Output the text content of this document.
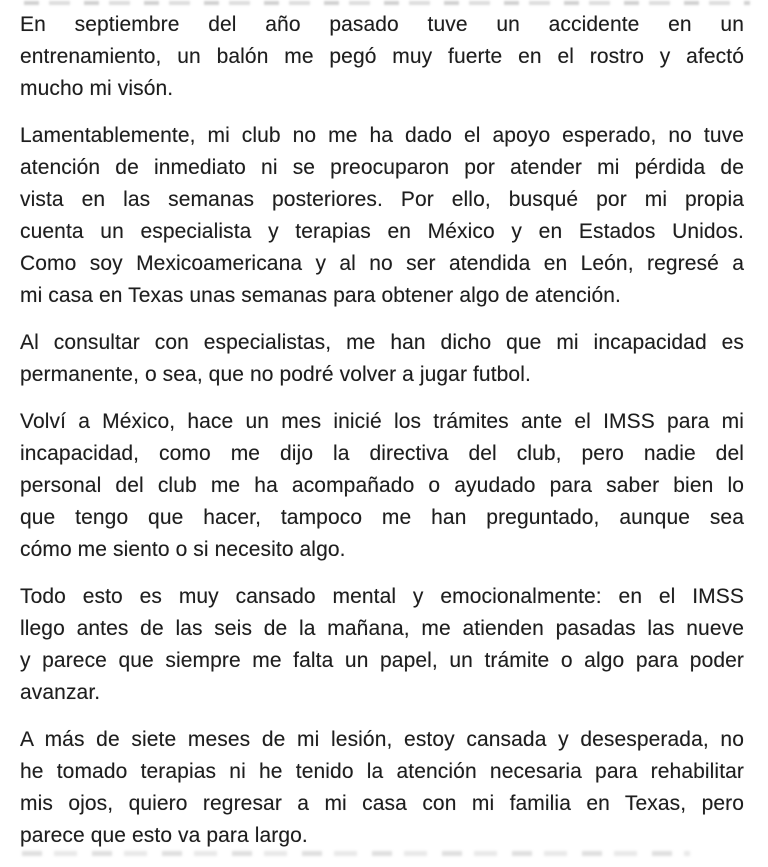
En septiembre del año pasado tuve un accidente en un
entrenamiento, un balón me pegó muy fuerte en el rostro y afectó
mucho mi visón.
Lamentablemente, mi club no me ha dado el apoyo esperado, no tuve
atención de inmediato ni se preocuparon por atender mi pérdida de
vista en las semanas posteriores. Por ello, busqué por mi propia
cuenta un especialista y terapias en México y en Estados Unidos.
Como soy Mexicoamericana y al no ser atendida en León, regresé a
mi casa en Texas unas semanas para obtener algo de atención.
Al consultar con especialistas, me han dicho que mi incapacidad es
permanente, o sea, que no podré volver a jugar futbol.
Volví a México, hace un mes inicié los trámites ante el IMSS para mi
incapacidad, como me dijo la directiva del club, pero nadie del
personal del club me ha acompañado o ayudado para saber bien lo
que tengo que hacer, tampoco me han preguntado, aunque sea
cómo me siento o si necesito algo.
Todo esto es muy cansado mental y emocionalmente: en el IMSS
llego antes de las seis de la mañana, me atienden pasadas las nueve
y parece que siempre me falta un papel, un trámite o algo para poder
avanzar.
A más de siete meses de mi lesión, estoy cansada y desesperada, no
he tomado terapias ni he tenido la atención necesaria para rehabilitar
mis ojos, quiero regresar a mi casa con mi familia en Texas, pero
parece que esto va para largo.
